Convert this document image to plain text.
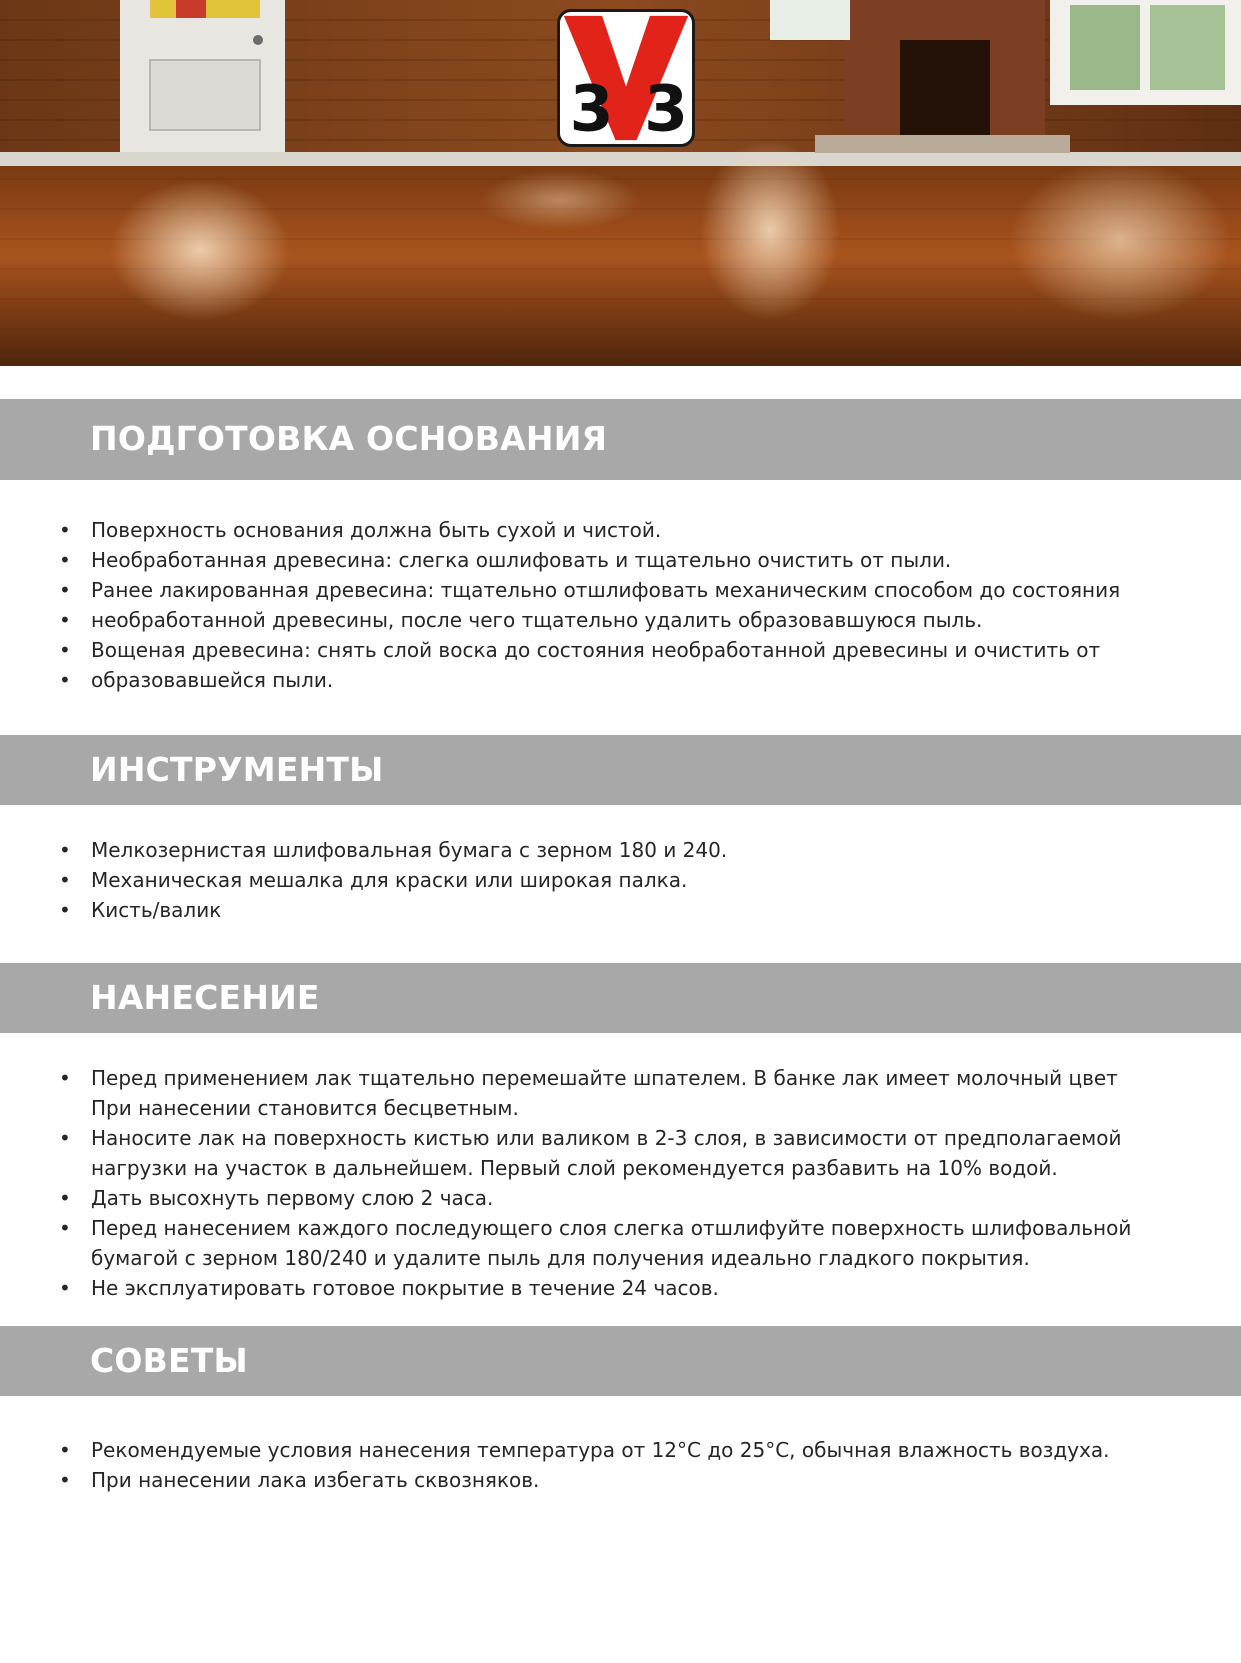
3 3
ПОДГОТОВКА ОСНОВАНИЯ
• Поверхность основания должна быть сухой и чистой.
• Необработанная древесина: слегка ошлифовать и тщательно очистить от пыли.
• Ранее лакированная древесина: тщательно отшлифовать механическим способом до состояния
• необработанной древесины, после чего тщательно удалить образовавшуюся пыль.
• Вощеная древесина: снять слой воска до состояния необработанной древесины и очистить от
• образовавшейся пыли.
ИНСТРУМЕНТЫ
• Мелкозернистая шлифовальная бумага с зерном 180 и 240.
• Механическая мешалка для краски или широкая палка.
• Кисть/валик
НАНЕСЕНИЕ
• Перед применением лак тщательно перемешайте шпателем. В банке лак имеет молочный цвет
При нанесении становится бесцветным.
• Наносите лак на поверхность кистью или валиком в 2-3 слоя, в зависимости от предполагаемой
нагрузки на участок в дальнейшем. Первый слой рекомендуется разбавить на 10% водой.
• Дать высохнуть первому слою 2 часа.
• Перед нанесением каждого последующего слоя слегка отшлифуйте поверхность шлифовальной
бумагой с зерном 180/240 и удалите пыль для получения идеально гладкого покрытия.
• Не эксплуатировать готовое покрытие в течение 24 часов.
СОВЕТЫ
• Рекомендуемые условия нанесения температура от 12°C до 25°C, обычная влажность воздуха.
• При нанесении лака избегать сквозняков.
